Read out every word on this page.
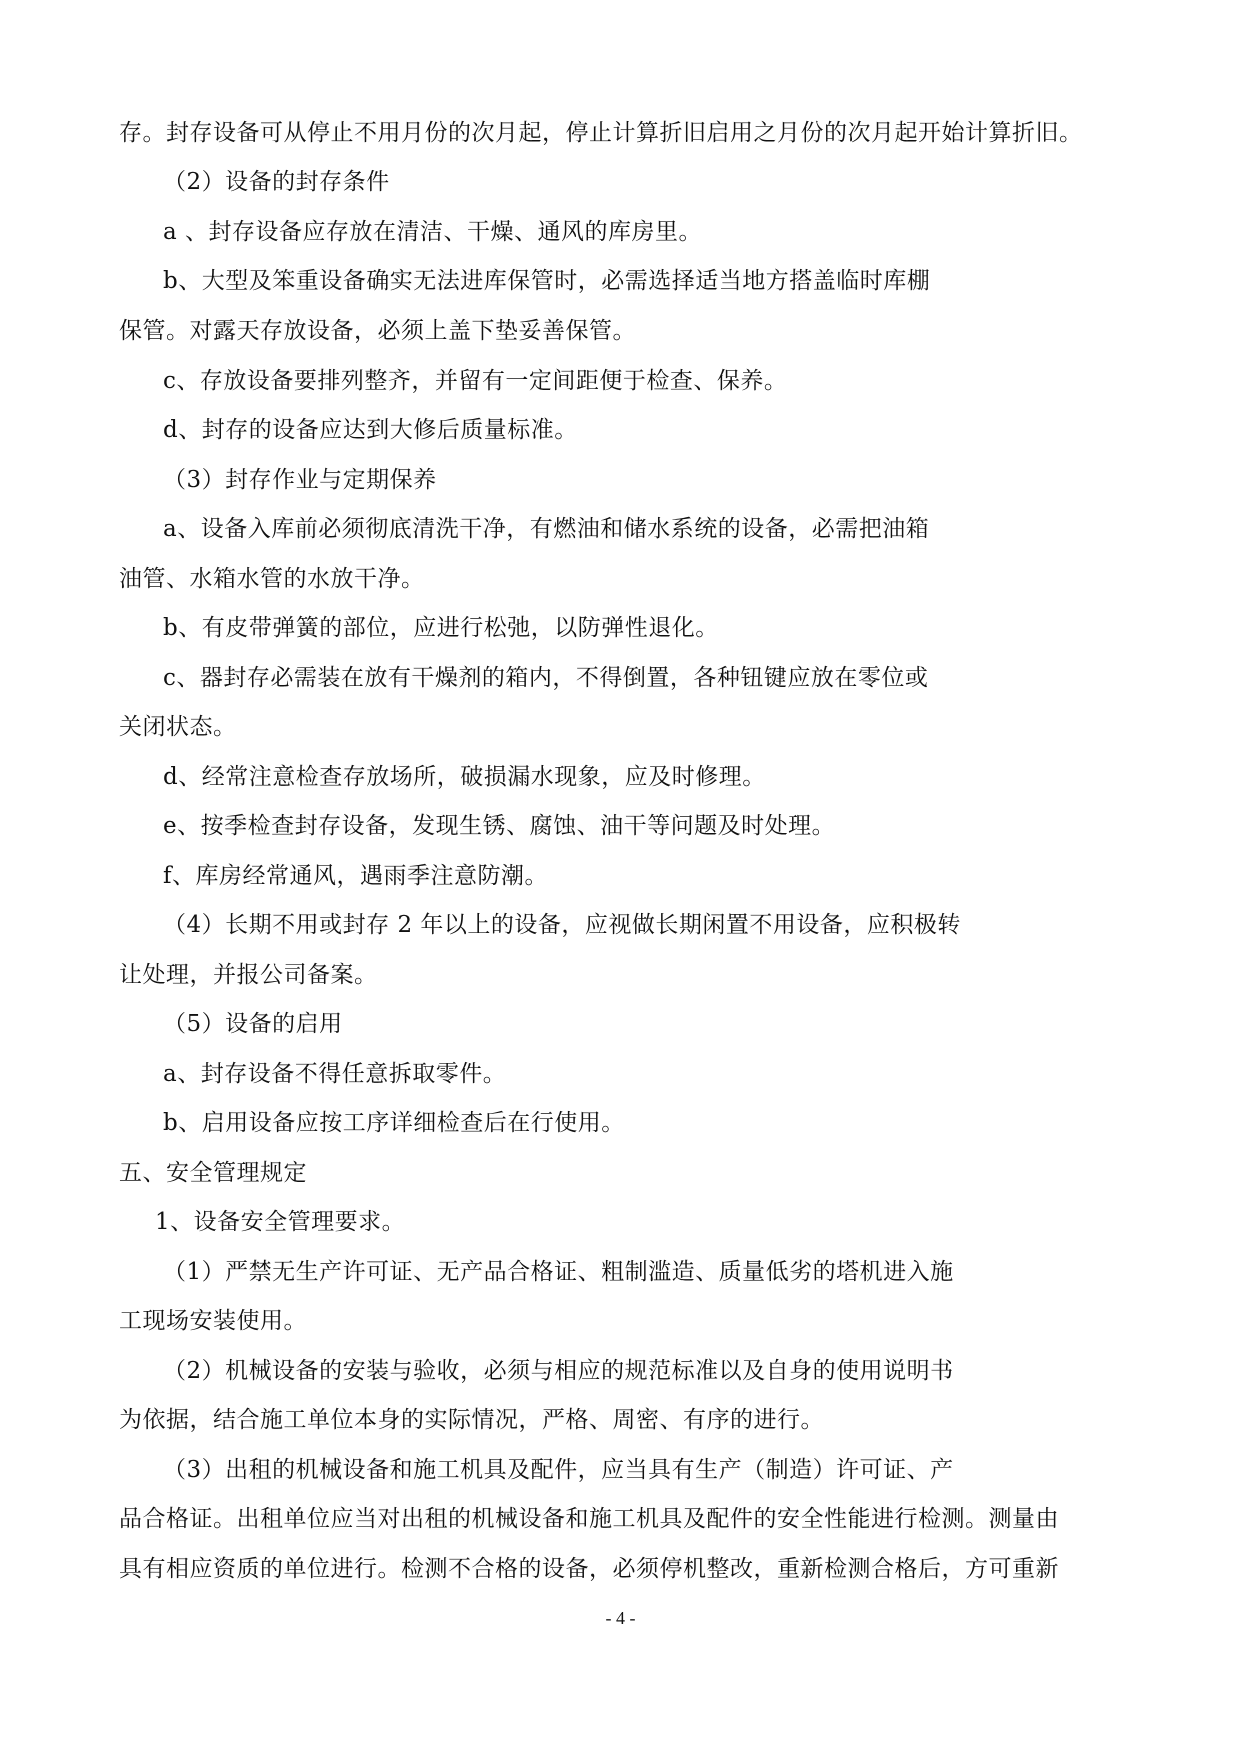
存。封存设备可从停止不用月份的次月起，停止计算折旧启用之月份的次月起开始计算折旧。
（2）设备的封存条件
a 、封存设备应存放在清洁、干燥、通风的库房里。
b、大型及笨重设备确实无法进库保管时，必需选择适当地方搭盖临时库棚
保管。对露天存放设备，必须上盖下垫妥善保管。
c、存放设备要排列整齐，并留有一定间距便于检查、保养。
d、封存的设备应达到大修后质量标准。
（3）封存作业与定期保养
a、设备入库前必须彻底清洗干净，有燃油和储水系统的设备，必需把油箱
油管、水箱水管的水放干净。
b、有皮带弹簧的部位，应进行松弛，以防弹性退化。
c、器封存必需装在放有干燥剂的箱内，不得倒置，各种钮键应放在零位或
关闭状态。
d、经常注意检查存放场所，破损漏水现象，应及时修理。
e、按季检查封存设备，发现生锈、腐蚀、油干等问题及时处理。
f、库房经常通风，遇雨季注意防潮。
（4）长期不用或封存 2 年以上的设备，应视做长期闲置不用设备，应积极转
让处理，并报公司备案。
（5）设备的启用
a、封存设备不得任意拆取零件。
b、启用设备应按工序详细检查后在行使用。
五、安全管理规定
1、设备安全管理要求。
（1）严禁无生产许可证、无产品合格证、粗制滥造、质量低劣的塔机进入施
工现场安装使用。
（2）机械设备的安装与验收，必须与相应的规范标准以及自身的使用说明书
为依据，结合施工单位本身的实际情况，严格、周密、有序的进行。
（3）出租的机械设备和施工机具及配件，应当具有生产（制造）许可证、产
品合格证。出租单位应当对出租的机械设备和施工机具及配件的安全性能进行检测。测量由
具有相应资质的单位进行。检测不合格的设备，必须停机整改，重新检测合格后，方可重新
- 4 -
